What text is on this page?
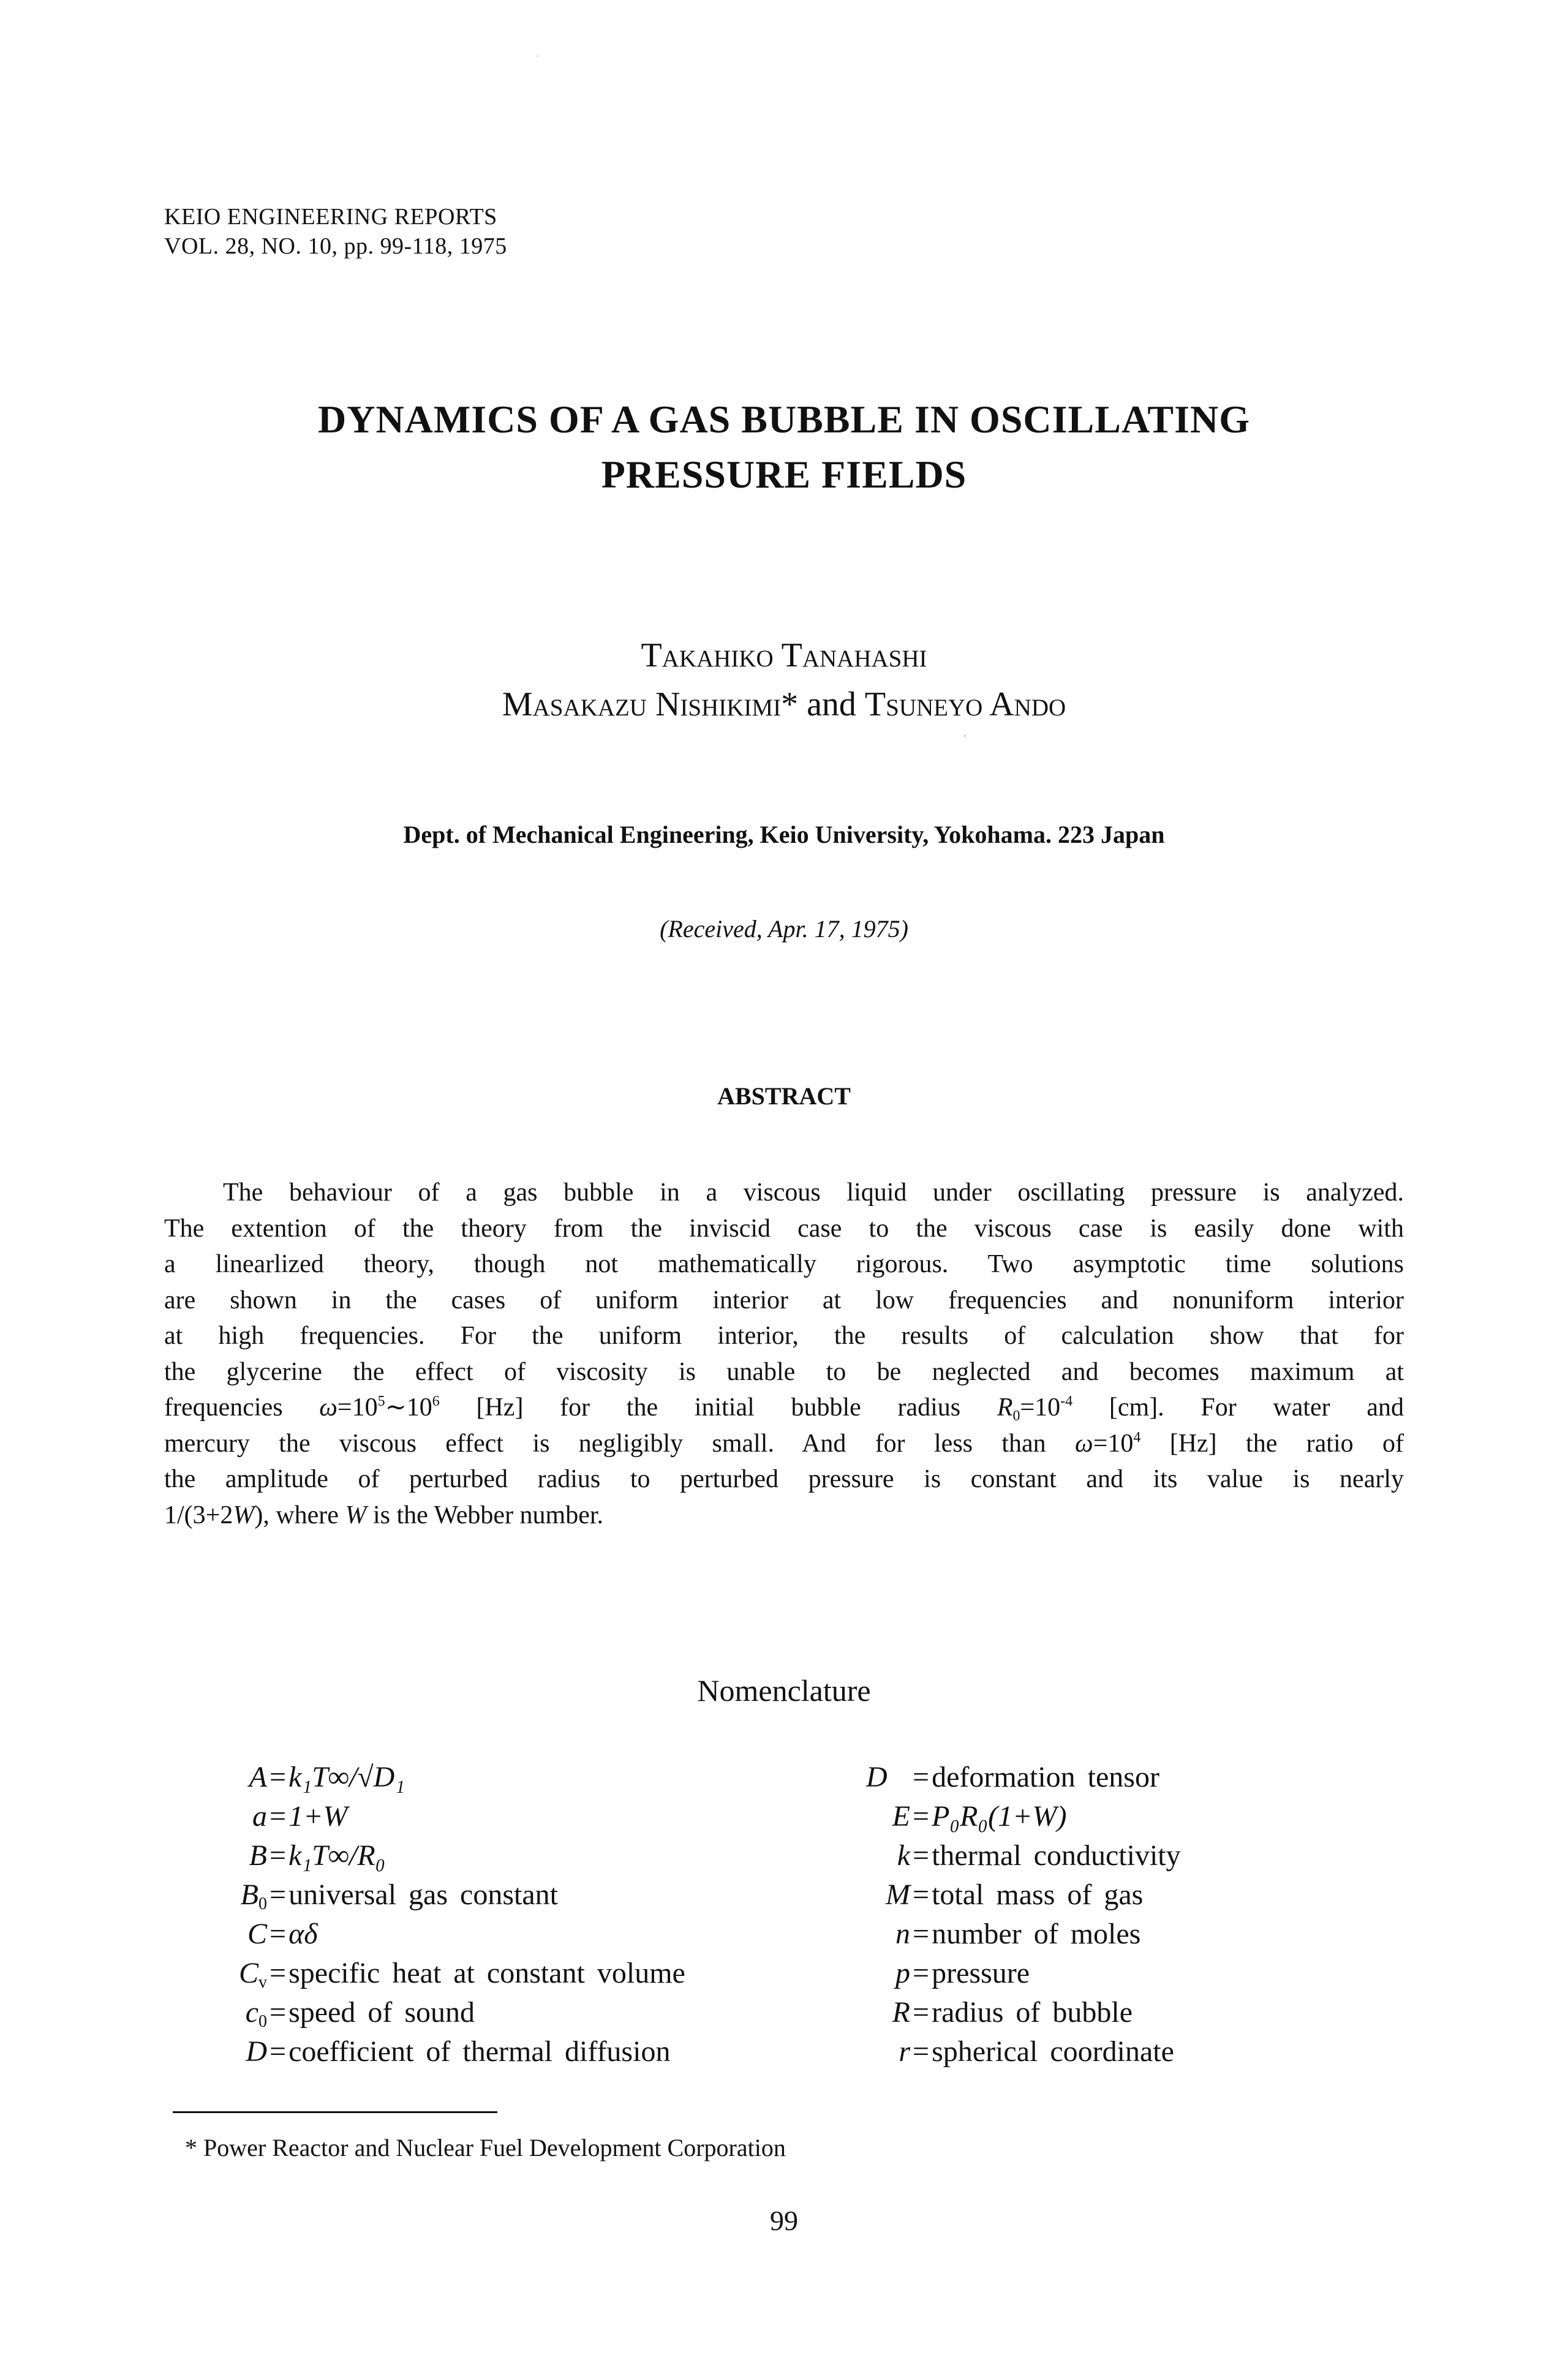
KEIO ENGINEERING REPORTS
VOL. 28, NO. 10, pp. 99-118, 1975
DYNAMICS OF A GAS BUBBLE IN OSCILLATING
PRESSURE FIELDS
Takahiko Tanahashi
Masakazu Nishikimi* and Tsuneyo Ando
Dept. of Mechanical Engineering, Keio University, Yokohama. 223 Japan
(Received, Apr. 17, 1975)
ABSTRACT
The behaviour of a gas bubble in a viscous liquid under oscillating pressure is analyzed.
The extention of the theory from the inviscid case to the viscous case is easily done with
a linearlized theory, though not mathematically rigorous. Two asymptotic time solutions
are shown in the cases of uniform interior at low frequencies and nonuniform interior
at high frequencies. For the uniform interior, the results of calculation show that for
the glycerine the effect of viscosity is unable to be neglected and becomes maximum at
frequencies $\omega=10^5\sim 10^6$ [Hz] for the initial bubble radius $R_0=10^{-4}$ [cm]. For water and
mercury the viscous effect is negligibly small. And for less than $\omega=10^4$ [Hz] the ratio of
the amplitude of perturbed radius to perturbed pressure is constant and its value is nearly
1/(3+2W), where W is the Webber number.
Nomenclature
A = k₁T∞/√D₁
a = 1+W
B = k₁T∞/R₀
$B_0$ = universal gas constant
C = αδ
$C_v$ = specific heat at constant volume
$c_0$ = speed of sound
D = coefficient of thermal diffusion
D⃡ = deformation tensor
E = P₀R₀(1+W)
k = thermal conductivity
M = total mass of gas
n = number of moles
p = pressure
R = radius of bubble
r = spherical coordinate
* Power Reactor and Nuclear Fuel Development Corporation
99
